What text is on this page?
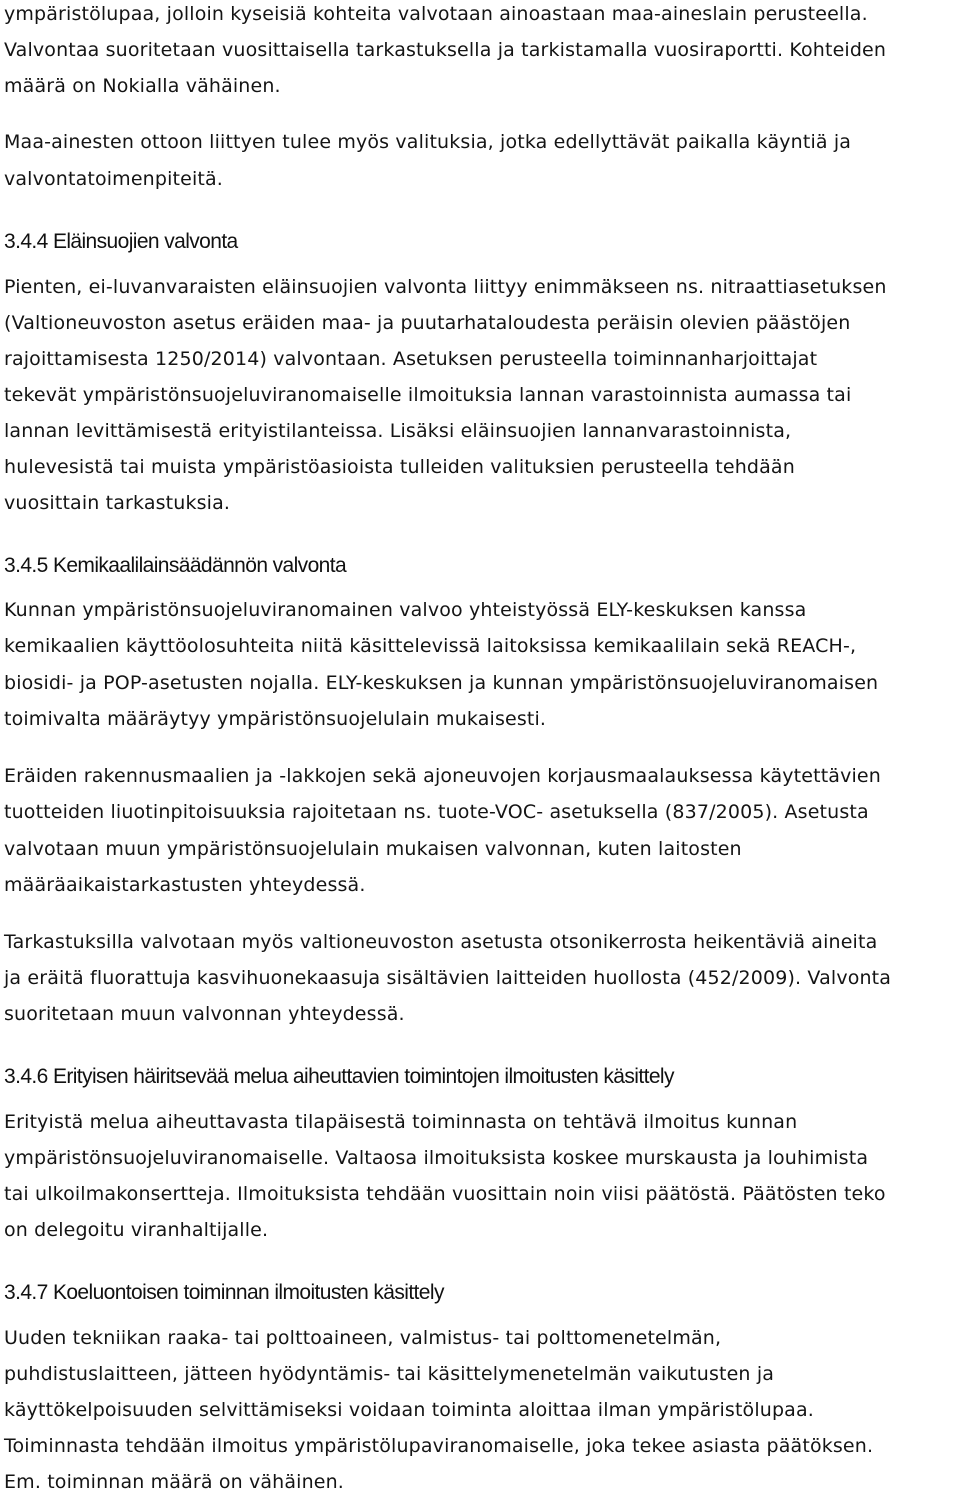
ympäristölupaa, jolloin kyseisiä kohteita valvotaan ainoastaan maa-aineslain perusteella.
Valvontaa suoritetaan vuosittaisella tarkastuksella ja tarkistamalla vuosiraportti. Kohteiden
määrä on Nokialla vähäinen.
Maa-ainesten ottoon liittyen tulee myös valituksia, jotka edellyttävät paikalla käyntiä ja
valvontatoimenpiteitä.
3.4.4 Eläinsuojien valvonta
Pienten, ei-luvanvaraisten eläinsuojien valvonta liittyy enimmäkseen ns. nitraattiasetuksen
(Valtioneuvoston asetus eräiden maa- ja puutarhataloudesta peräisin olevien päästöjen
rajoittamisesta 1250/2014) valvontaan. Asetuksen perusteella toiminnanharjoittajat
tekevät ympäristönsuojeluviranomaiselle ilmoituksia lannan varastoinnista aumassa tai
lannan levittämisestä erityistilanteissa. Lisäksi eläinsuojien lannanvarastoinnista,
hulevesistä tai muista ympäristöasioista tulleiden valituksien perusteella tehdään
vuosittain tarkastuksia.
3.4.5 Kemikaalilainsäädännön valvonta
Kunnan ympäristönsuojeluviranomainen valvoo yhteistyössä ELY-keskuksen kanssa
kemikaalien käyttöolosuhteita niitä käsittelevissä laitoksissa kemikaalilain sekä REACH-,
biosidi- ja POP-asetusten nojalla. ELY-keskuksen ja kunnan ympäristönsuojeluviranomaisen
toimivalta määräytyy ympäristönsuojelulain mukaisesti.
Eräiden rakennusmaalien ja -lakkojen sekä ajoneuvojen korjausmaalauksessa käytettävien
tuotteiden liuotinpitoisuuksia rajoitetaan ns. tuote-VOC- asetuksella (837/2005). Asetusta
valvotaan muun ympäristönsuojelulain mukaisen valvonnan, kuten laitosten
määräaikaistarkastusten yhteydessä.
Tarkastuksilla valvotaan myös valtioneuvoston asetusta otsonikerrosta heikentäviä aineita
ja eräitä fluorattuja kasvihuonekaasuja sisältävien laitteiden huollosta (452/2009). Valvonta
suoritetaan muun valvonnan yhteydessä.
3.4.6 Erityisen häiritsevää melua aiheuttavien toimintojen ilmoitusten käsittely
Erityistä melua aiheuttavasta tilapäisestä toiminnasta on tehtävä ilmoitus kunnan
ympäristönsuojeluviranomaiselle. Valtaosa ilmoituksista koskee murskausta ja louhimista
tai ulkoilmakonsertteja. Ilmoituksista tehdään vuosittain noin viisi päätöstä. Päätösten teko
on delegoitu viranhaltijalle.
3.4.7 Koeluontoisen toiminnan ilmoitusten käsittely
Uuden tekniikan raaka- tai polttoaineen, valmistus- tai polttomenetelmän,
puhdistuslaitteen, jätteen hyödyntämis- tai käsittelymenetelmän vaikutusten ja
käyttökelpoisuuden selvittämiseksi voidaan toiminta aloittaa ilman ympäristölupaa.
Toiminnasta tehdään ilmoitus ympäristölupaviranomaiselle, joka tekee asiasta päätöksen.
Em. toiminnan määrä on vähäinen.
